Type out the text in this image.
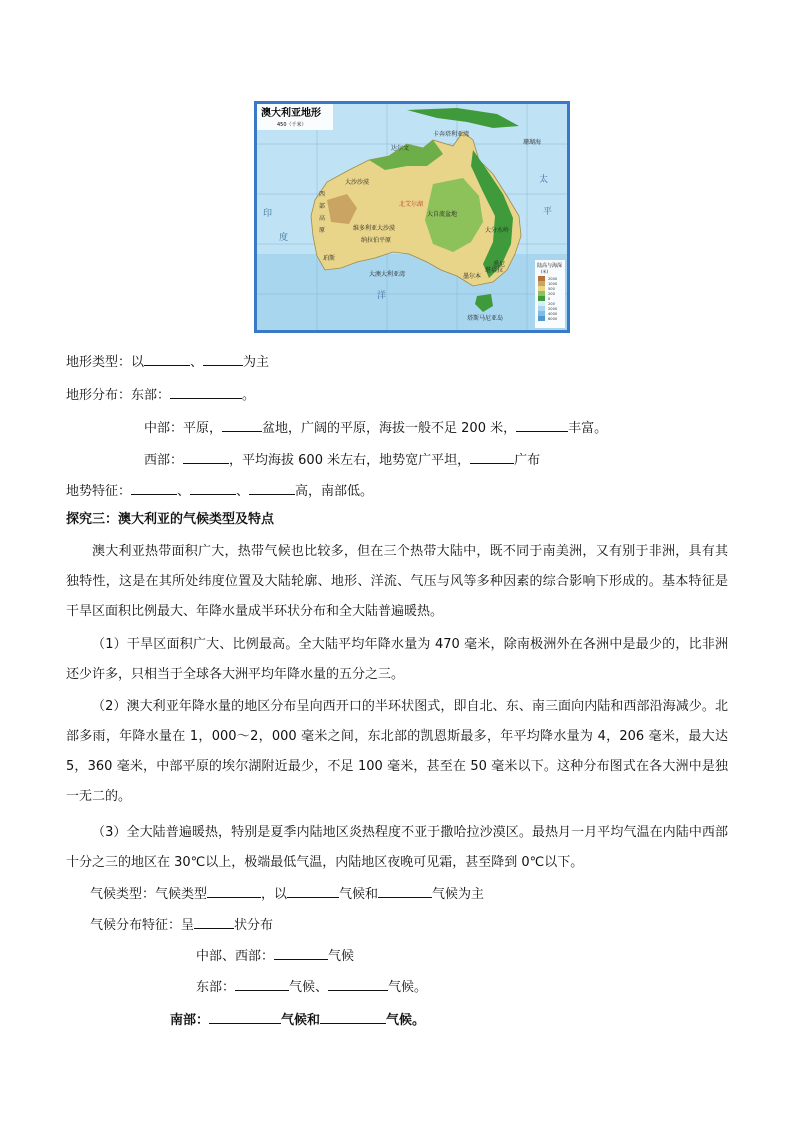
澳大利亚地形
450（千米）
大沙沙漠
西
部
高
原	维多利亚大沙漠
纳拉伯平原
大自流盆地
大分水岭
北艾尔湖
卡奔塔利亚湾
珊瑚海
塔斯马尼亚岛
大澳大利亚湾
印
度
洋
太
平
悉尼
珀斯
达尔文
墨尔本
堪培拉
陆高与海深
(米)
2000
1000
500
200
0
200
2000
4000
6000
地形类型：以	、	为主
地形分布：东部：	。
中部：平原，	盆地，广阔的平原，海拔一般不足 200 米，	丰富。
西部：	，平均海拔 600 米左右，地势宽广平坦，	广布
地势特征：	、	、	高，南部低。
探究三：澳大利亚的气候类型及特点
澳大利亚热带面积广大，热带气候也比较多，但在三个热带大陆中，既不同于南美洲，又有别于非洲，具有其独特性，这是在其所处纬度位置及大陆轮廓、地形、洋流、气压与风等多种因素的综合影响下形成的。基本特征是干旱区面积比例最大、年降水量成半环状分布和全大陆普遍暖热。
（1）干旱区面积广大、比例最高。全大陆平均年降水量为 470 毫米，除南极洲外在各洲中是最少的，比非洲还少许多，只相当于全球各大洲平均年降水量的五分之三。
（2）澳大利亚年降水量的地区分布呈向西开口的半环状图式，即自北、东、南三面向内陆和西部沿海减少。北部多雨，年降水量在 1，000～2，000 毫米之间，东北部的凯恩斯最多，年平均降水量为 4，206 毫米，最大达 5，360 毫米，中部平原的埃尔湖附近最少，不足 100 毫米，甚至在 50 毫米以下。这种分布图式在各大洲中是独一无二的。
（3）全大陆普遍暖热，特别是夏季内陆地区炎热程度不亚于撒哈拉沙漠区。最热月一月平均气温在内陆中西部十分之三的地区在 30℃以上，极端最低气温，内陆地区夜晚可见霜，甚至降到 0℃以下。
气候类型：气候类型	，以	气候和	气候为主
气候分布特征：呈	状分布
中部、西部：	气候
东部：	气候、	气候。
南部：	气候和	气候。
